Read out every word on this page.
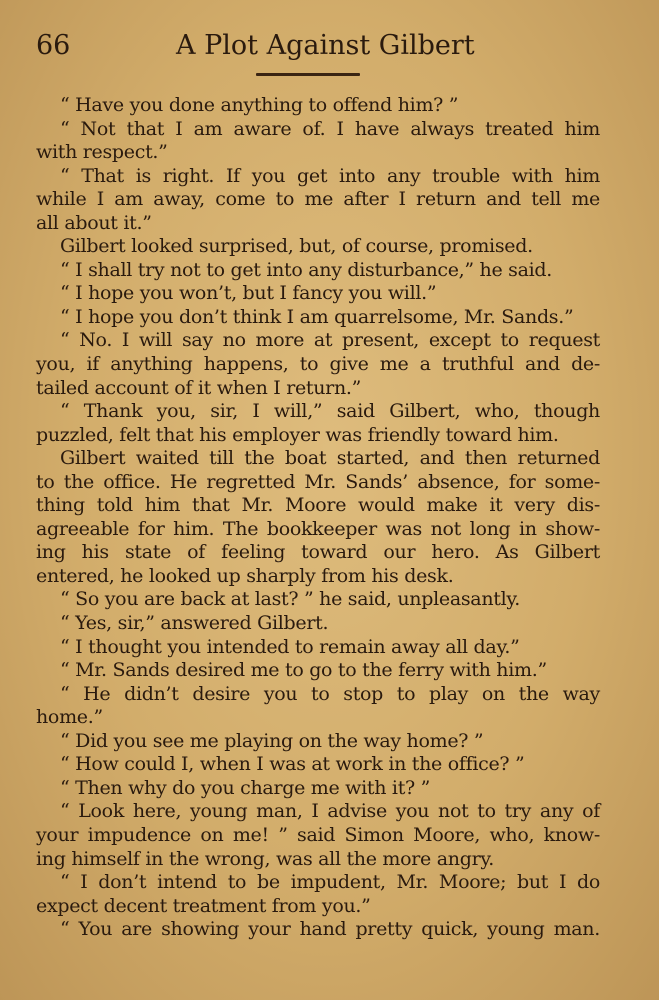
66	A Plot Against Gilbert
“ Have you done anything to offend him? ”
“ Not that I am aware of. I have always treated him
with respect.”
“ That is right. If you get into any trouble with him
while I am away, come to me after I return and tell me
all about it.”
Gilbert looked surprised, but, of course, promised.
“ I shall try not to get into any disturbance,” he said.
“ I hope you won’t, but I fancy you will.”
“ I hope you don’t think I am quarrelsome, Mr. Sands.”
“ No. I will say no more at present, except to request
you, if anything happens, to give me a truthful and de-
tailed account of it when I return.”
“ Thank you, sir, I will,” said Gilbert, who, though
puzzled, felt that his employer was friendly toward him.
Gilbert waited till the boat started, and then returned
to the office. He regretted Mr. Sands’ absence, for some-
thing told him that Mr. Moore would make it very dis-
agreeable for him. The bookkeeper was not long in show-
ing his state of feeling toward our hero. As Gilbert
entered, he looked up sharply from his desk.
“ So you are back at last? ” he said, unpleasantly.
“ Yes, sir,” answered Gilbert.
“ I thought you intended to remain away all day.”
“ Mr. Sands desired me to go to the ferry with him.”
“ He didn’t desire you to stop to play on the way
home.”
“ Did you see me playing on the way home? ”
“ How could I, when I was at work in the office? ”
“ Then why do you charge me with it? ”
“ Look here, young man, I advise you not to try any of
your impudence on me! ” said Simon Moore, who, know-
ing himself in the wrong, was all the more angry.
“ I don’t intend to be impudent, Mr. Moore; but I do
expect decent treatment from you.”
“ You are showing your hand pretty quick, young man.
